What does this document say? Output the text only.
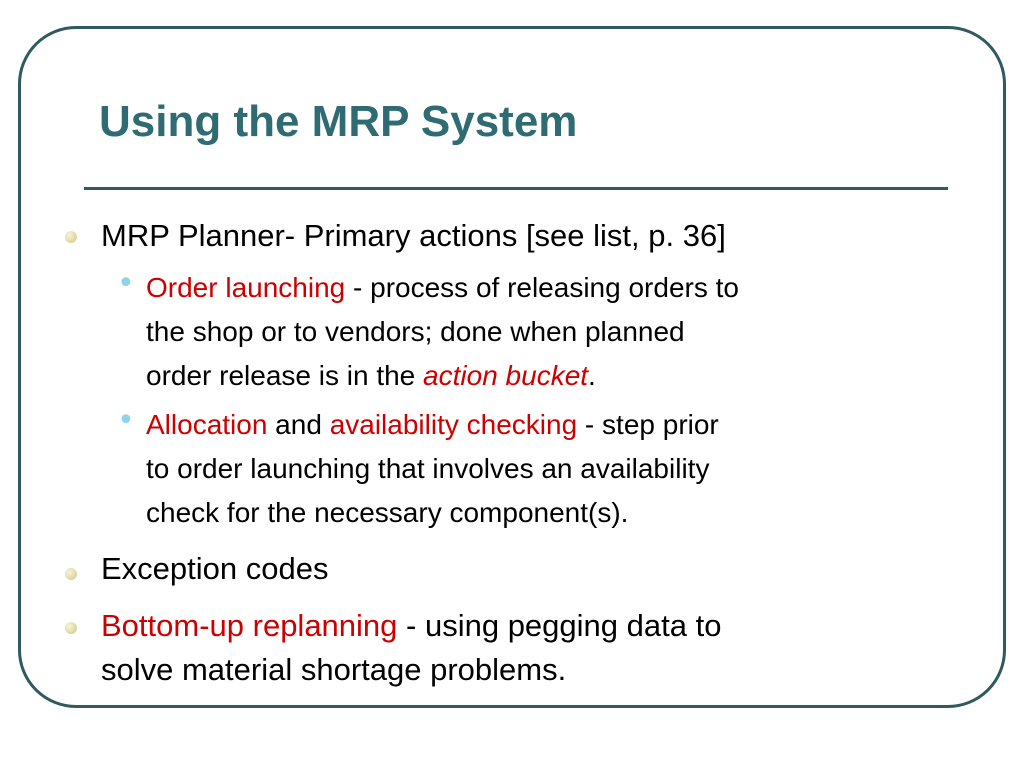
Using the MRP System

MRP Planner- Primary actions [see list, p. 36]

• Order launching - process of releasing orders to

the shop or to vendors; done when planned

order release is in the action bucket.

• Allocation and availability checking - step prior

to order launching that involves an availability

check for the necessary component(s).

Exception codes

Bottom-up replanning - using pegging data to

solve material shortage problems.
